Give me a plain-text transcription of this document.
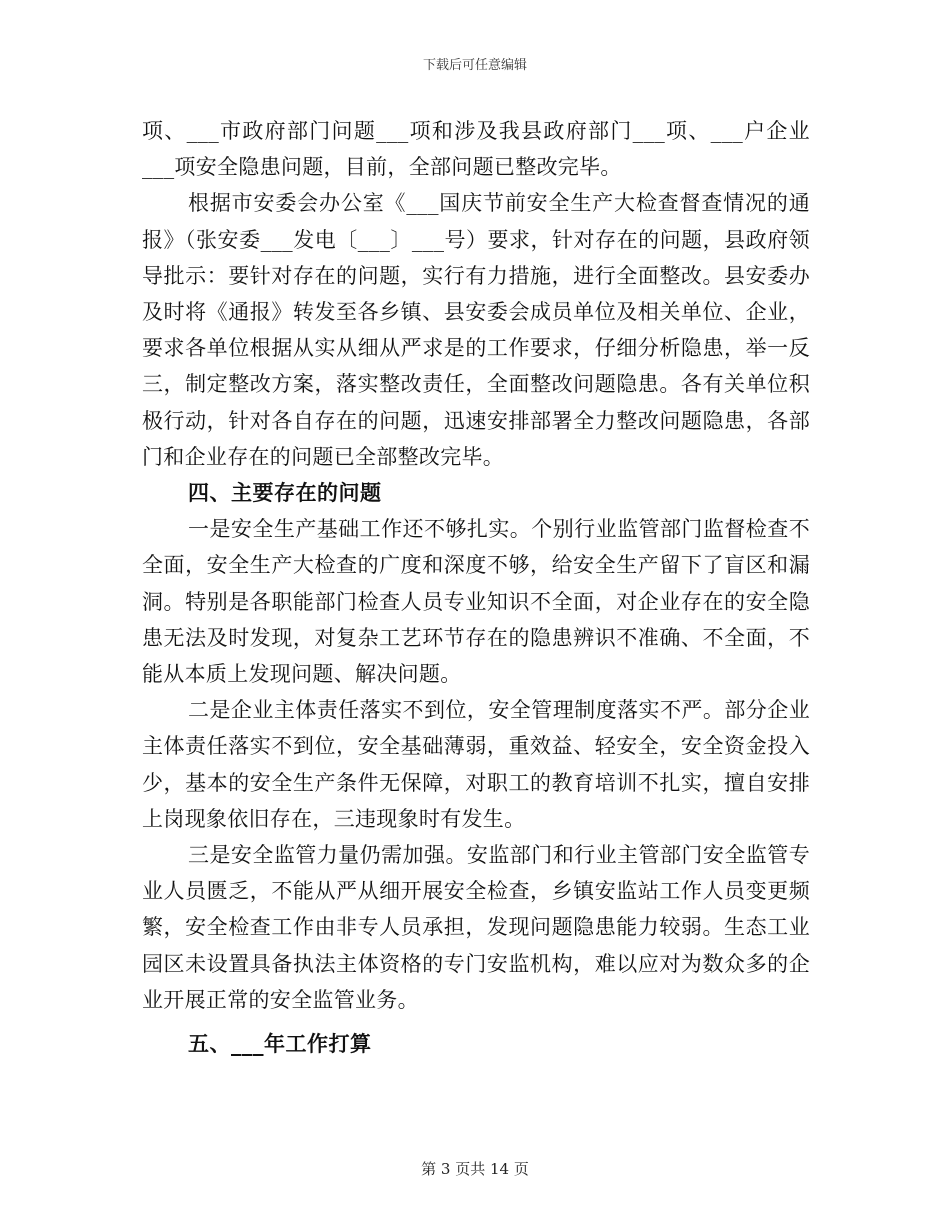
下载后可任意编辑

项、___市政府部门问题___项和涉及我县政府部门___项、___户企业___项安全隐患问题，目前，全部问题已整改完毕。

根据市安委会办公室《___国庆节前安全生产大检查督查情况的通报》（张安委___发电〔___〕___号）要求，针对存在的问题，县政府领导批示：要针对存在的问题，实行有力措施，进行全面整改。县安委办及时将《通报》转发至各乡镇、县安委会成员单位及相关单位、企业，要求各单位根据从实从细从严求是的工作要求，仔细分析隐患，举一反三，制定整改方案，落实整改责任，全面整改问题隐患。各有关单位积极行动，针对各自存在的问题，迅速安排部署全力整改问题隐患，各部门和企业存在的问题已全部整改完毕。

四、主要存在的问题

一是安全生产基础工作还不够扎实。个别行业监管部门监督检查不全面，安全生产大检查的广度和深度不够，给安全生产留下了盲区和漏洞。特别是各职能部门检查人员专业知识不全面，对企业存在的安全隐患无法及时发现，对复杂工艺环节存在的隐患辨识不准确、不全面，不能从本质上发现问题、解决问题。

二是企业主体责任落实不到位，安全管理制度落实不严。部分企业主体责任落实不到位，安全基础薄弱，重效益、轻安全，安全资金投入少，基本的安全生产条件无保障，对职工的教育培训不扎实，擅自安排上岗现象依旧存在，三违现象时有发生。

三是安全监管力量仍需加强。安监部门和行业主管部门安全监管专业人员匮乏，不能从严从细开展安全检查，乡镇安监站工作人员变更频繁，安全检查工作由非专人员承担，发现问题隐患能力较弱。生态工业园区未设置具备执法主体资格的专门安监机构，难以应对为数众多的企业开展正常的安全监管业务。

五、___年工作打算

第 3 页共 14 页
